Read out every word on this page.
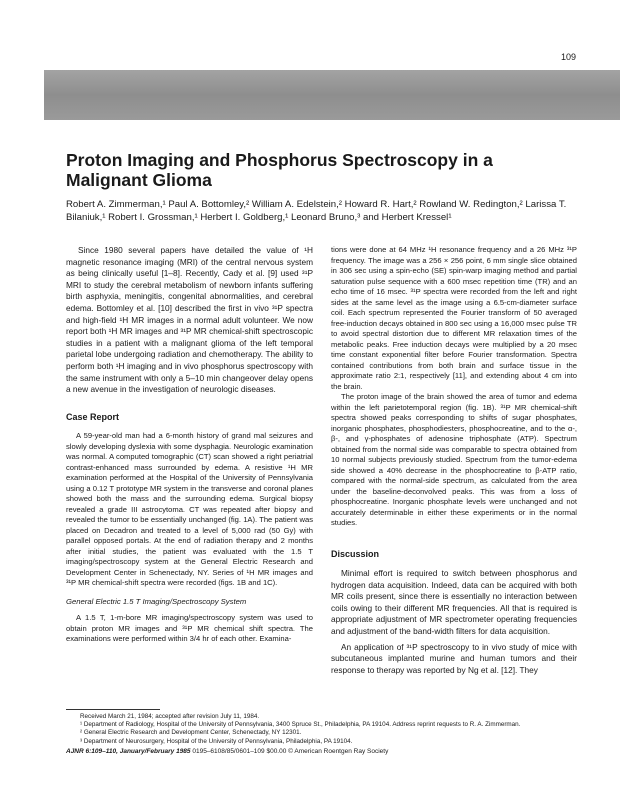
109
Proton Imaging and Phosphorus Spectroscopy in a Malignant Glioma
Robert A. Zimmerman,¹ Paul A. Bottomley,² William A. Edelstein,² Howard R. Hart,² Rowland W. Redington,² Larissa T. Bilaniuk,¹ Robert I. Grossman,¹ Herbert I. Goldberg,¹ Leonard Bruno,³ and Herbert Kressel¹

Since 1980 several papers have detailed the value of ¹H magnetic resonance imaging (MRI) of the central nervous system as being clinically useful [1–8]. Recently, Cady et al. [9] used ³¹P MRI to study the cerebral metabolism of newborn infants suffering birth asphyxia, meningitis, congenital abnormalities, and cerebral edema. Bottomley et al. [10] described the first in vivo ³¹P spectra and high-field ¹H MR images in a normal adult volunteer. We now report both ¹H MR images and ³¹P MR chemical-shift spectroscopic studies in a patient with a malignant glioma of the left temporal parietal lobe undergoing radiation and chemotherapy. The ability to perform both ¹H imaging and in vivo phosphorus spectroscopy with the same instrument with only a 5–10 min changeover delay opens a new avenue in the investigation of neurologic diseases.

Case Report

A 59-year-old man had a 6-month history of grand mal seizures and slowly developing dyslexia with some dysphagia. Neurologic examination was normal. A computed tomographic (CT) scan showed a right periatrial contrast-enhanced mass surrounded by edema. A resistive ¹H MR examination performed at the Hospital of the University of Pennsylvania using a 0.12 T prototype MR system in the transverse and coronal planes showed both the mass and the surrounding edema. Surgical biopsy revealed a grade III astrocytoma. CT was repeated after biopsy and revealed the tumor to be essentially unchanged (fig. 1A). The patient was placed on Decadron and treated to a level of 5,000 rad (50 Gy) with parallel opposed portals. At the end of radiation therapy and 2 months after initial studies, the patient was evaluated with the 1.5 T imaging/spectroscopy system at the General Electric Research and Development Center in Schenectady, NY. Series of ¹H MR images and ³¹P MR chemical-shift spectra were recorded (figs. 1B and 1C).

General Electric 1.5 T Imaging/Spectroscopy System

A 1.5 T, 1-m-bore MR imaging/spectroscopy system was used to obtain proton MR images and ³¹P MR chemical shift spectra. The examinations were performed within 3/4 hr of each other. Examina-

tions were done at 64 MHz ¹H resonance frequency and a 26 MHz ³¹P frequency. The image was a 256 × 256 point, 6 mm single slice obtained in 306 sec using a spin-echo (SE) spin-warp imaging method and partial saturation pulse sequence with a 600 msec repetition time (TR) and an echo time of 16 msec. ³¹P spectra were recorded from the left and right sides at the same level as the image using a 6.5-cm-diameter surface coil. Each spectrum represented the Fourier transform of 50 averaged free-induction decays obtained in 800 sec using a 16,000 msec pulse TR to avoid spectral distortion due to different MR relaxation times of the metabolic peaks. Free induction decays were multiplied by a 20 msec time constant exponential filter before Fourier transformation. Spectra contained contributions from both brain and surface tissue in the approximate ratio 2:1, respectively [11], and extending about 4 cm into the brain.

The proton image of the brain showed the area of tumor and edema within the left parietotemporal region (fig. 1B). ³¹P MR chemical-shift spectra showed peaks corresponding to shifts of sugar phosphates, inorganic phosphates, phosphodiesters, phosphocreatine, and to the α-, β-, and γ-phosphates of adenosine triphosphate (ATP). Spectrum obtained from the normal side was comparable to spectra obtained from 10 normal subjects previously studied. Spectrum from the tumor-edema side showed a 40% decrease in the phosphocreatine to β-ATP ratio, compared with the normal-side spectrum, as calculated from the area under the baseline-deconvolved peaks. This was from a loss of phosphocreatine. Inorganic phosphate levels were unchanged and not accurately determinable in either these experiments or in the normal studies.

Discussion

Minimal effort is required to switch between phosphorus and hydrogen data acquisition. Indeed, data can be acquired with both MR coils present, since there is essentially no interaction between coils owing to their different MR frequencies. All that is required is appropriate adjustment of MR spectrometer operating frequencies and adjustment of the band-width filters for data acquisition.

An application of ³¹P spectroscopy to in vivo study of mice with subcutaneous implanted murine and human tumors and their response to therapy was reported by Ng et al. [12]. They

Received March 21, 1984; accepted after revision July 11, 1984.
¹ Department of Radiology, Hospital of the University of Pennsylvania, 3400 Spruce St., Philadelphia, PA 19104. Address reprint requests to R. A. Zimmerman.
² General Electric Research and Development Center, Schenectady, NY 12301.
³ Department of Neurosurgery, Hospital of the University of Pennsylvania, Philadelphia, PA 19104.
AJNR 6:109–110, January/February 1985 0195–6108/85/0601–109 $00.00 © American Roentgen Ray Society
